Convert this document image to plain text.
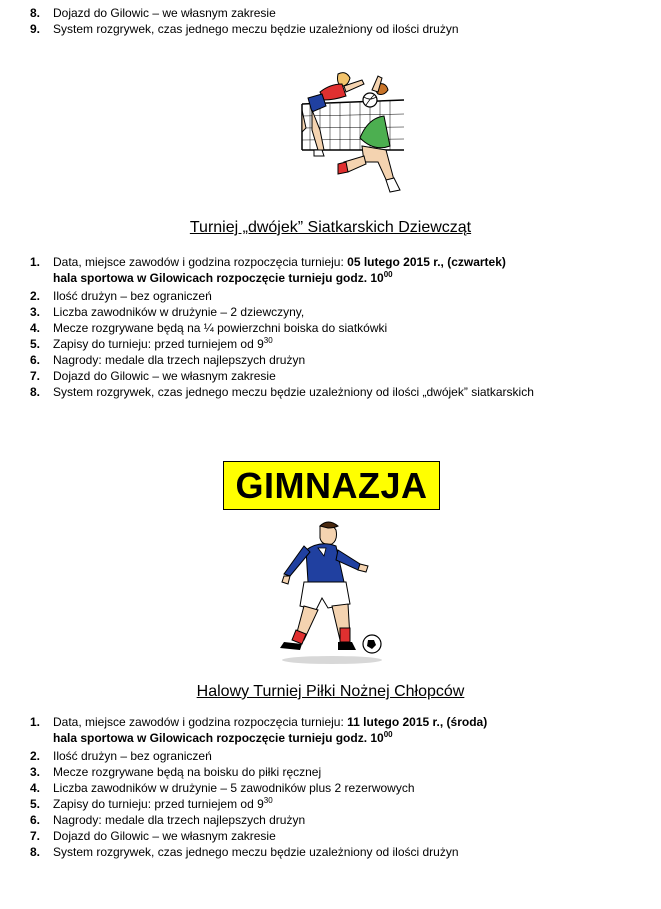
8. Dojazd do Gilowic – we własnym zakresie
9. System rozgrywek, czas jednego meczu będzie uzależniony od ilości drużyn
Turniej „dwójek” Siatkarskich Dziewcząt
1. Data, miejsce zawodów i godzina rozpoczęcia turnieju: 05 lutego 2015 r., (czwartek)
hala sportowa w Gilowicach rozpoczęcie turnieju godz. $10^{00}$
2. Ilość drużyn – bez ograniczeń
3. Liczba zawodników w drużynie – 2 dziewczyny,
4. Mecze rozgrywane będą na ¼ powierzchni boiska do siatkówki
5. Zapisy do turnieju: przed turniejem od $9^{30}$
6. Nagrody: medale dla trzech najlepszych drużyn
7. Dojazd do Gilowic – we własnym zakresie
8. System rozgrywek, czas jednego meczu będzie uzależniony od ilości „dwójek” siatkarskich
GIMNAZJA
Halowy Turniej Piłki Nożnej Chłopców
1. Data, miejsce zawodów i godzina rozpoczęcia turnieju: 11 lutego 2015 r., (środa)
hala sportowa w Gilowicach rozpoczęcie turnieju godz. $10^{00}$
2. Ilość drużyn – bez ograniczeń
3. Mecze rozgrywane będą na boisku do piłki ręcznej
4. Liczba zawodników w drużynie – 5 zawodników plus 2 rezerwowych
5. Zapisy do turnieju: przed turniejem od $9^{30}$
6. Nagrody: medale dla trzech najlepszych drużyn
7. Dojazd do Gilowic – we własnym zakresie
8. System rozgrywek, czas jednego meczu będzie uzależniony od ilości drużyn
